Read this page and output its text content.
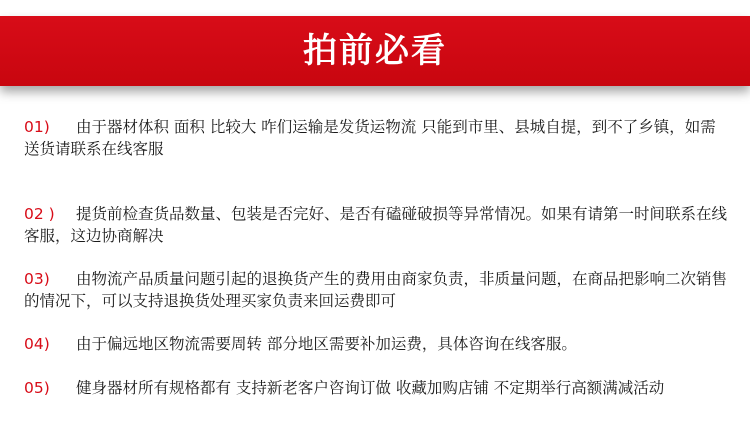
拍前必看
01) 由于器材体积 面积 比较大 咋们运输是发货运物流 只能到市里、县城自提，到不了乡镇，如需送货请联系在线客服
02 ) 提货前检查货品数量、包装是否完好、是否有磕碰破损等异常情况。如果有请第一时间联系在线客服，这边协商解决
03) 由物流产品质量问题引起的退换货产生的费用由商家负责，非质量问题，在商品把影响二次销售的情况下，可以支持退换货处理买家负责来回运费即可
04) 由于偏远地区物流需要周转 部分地区需要补加运费，具体咨询在线客服。
05) 健身器材所有规格都有 支持新老客户咨询订做 收藏加购店铺 不定期举行高额满减活动
